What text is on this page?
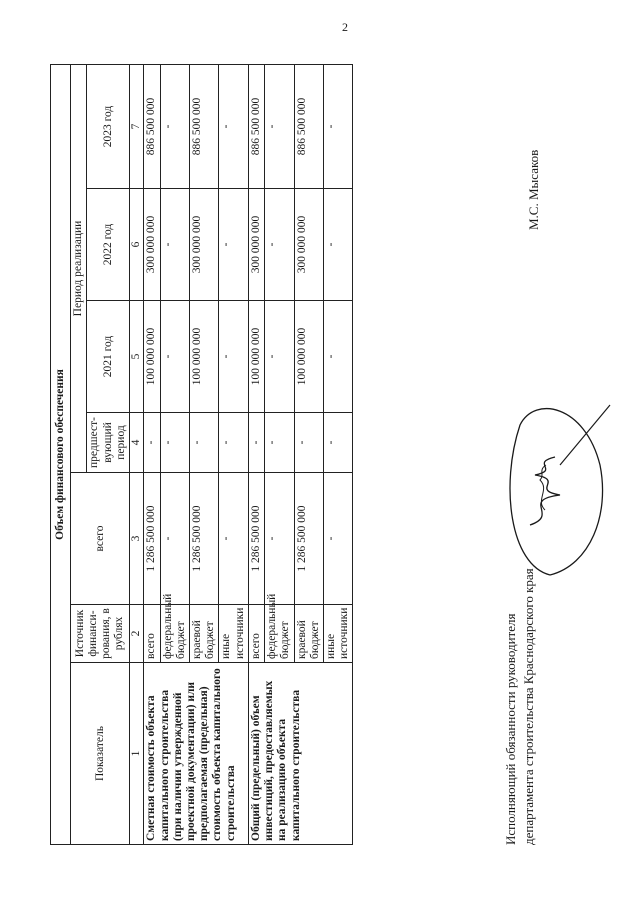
2
Объем финансового обеспечения						
Показатель	Источник финанси-рования, в рублях	всего	Период реализации			
			предшест-вующий период	2021 год	2022 год	2023 год
1	2	3	4	5	6	7
Сметная стоимость объекта капитального строительства (при наличии утвержденной проектной документации) или предполагаемая (предельная) стоимость объекта капитального строительства	всего	1 286 500 000	-	100 000 000	300 000 000	886 500 000
	федеральный бюджет	-	-	-	-	-
	краевой бюджет	1 286 500 000	-	100 000 000	300 000 000	886 500 000
	иные источники	-	-	-	-	-
Общий (предельный) объем инвестиций, предоставляемых на реализацию объекта капитального строительства	всего	1 286 500 000	-	100 000 000	300 000 000	886 500 000
	федеральный бюджет	-	-	-	-	-
	краевой бюджет	1 286 500 000	-	100 000 000	300 000 000	886 500 000
	иные источники	-	-	-	-	-
Исполняющий обязанности руководителя департамента строительства Краснодарского края
М.С. Мысаков
